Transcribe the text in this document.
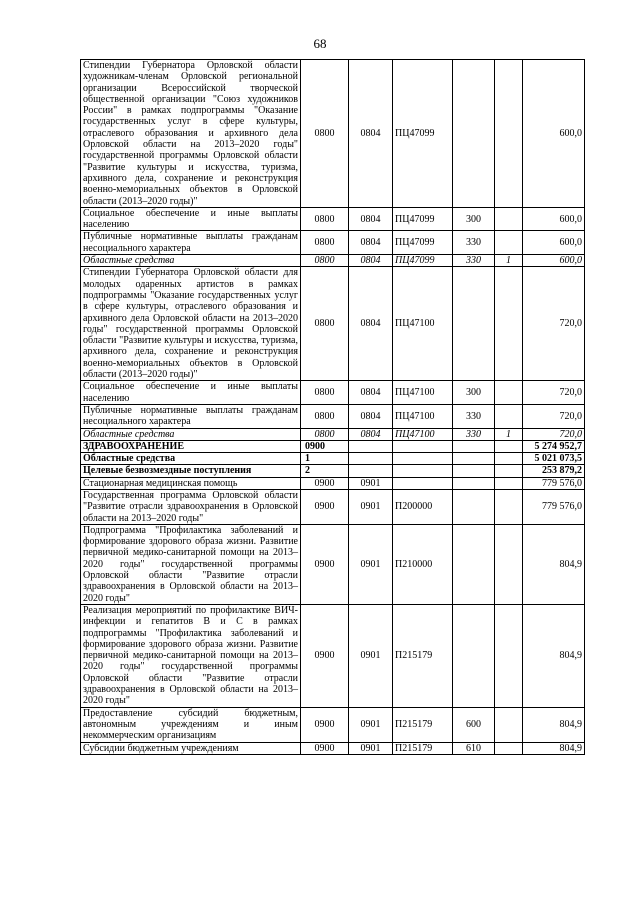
68
Стипендии Губернатора Орловской области художникам-членам Орловской региональной организации Всероссийской творческой общественной организации "Союз художников России" в рамках подпрограммы "Оказание государственных услуг в сфере культуры, отраслевого образования и архивного дела Орловской области на 2013–2020 годы" государственной программы Орловской области "Развитие культуры и искусства, туризма, архивного дела, сохранение и реконструкция военно-мемориальных объектов в Орловской области (2013–2020 годы)"	0800	0804	ПЦ47099			600,0
Социальное обеспечение и иные выплаты населению	0800	0804	ПЦ47099	300		600,0
Публичные нормативные выплаты гражданам несоциального характера	0800	0804	ПЦ47099	330		600,0
Областные средства	0800	0804	ПЦ47099	330	1	600,0
Стипендии Губернатора Орловской области для молодых одаренных артистов в рамках подпрограммы "Оказание государственных услуг в сфере культуры, отраслевого образования и архивного дела Орловской области на 2013–2020 годы" государственной программы Орловской области "Развитие культуры и искусства, туризма, архивного дела, сохранение и реконструкция военно-мемориальных объектов в Орловской области (2013–2020 годы)"	0800	0804	ПЦ47100			720,0
Социальное обеспечение и иные выплаты населению	0800	0804	ПЦ47100	300		720,0
Публичные нормативные выплаты гражданам несоциального характера	0800	0804	ПЦ47100	330		720,0
Областные средства	0800	0804	ПЦ47100	330	1	720,0
ЗДРАВООХРАНЕНИЕ	0900					5 274 952,7
Областные средства	1					5 021 073,5
Целевые безвозмездные поступления	2					253 879,2
Стационарная медицинская помощь	0900	0901				779 576,0
Государственная программа Орловской области "Развитие отрасли здравоохранения в Орловской области на 2013–2020 годы"	0900	0901	П200000			779 576,0
Подпрограмма "Профилактика заболеваний и формирование здорового образа жизни. Развитие первичной медико-санитарной помощи на 2013–2020 годы" государственной программы Орловской области "Развитие отрасли здравоохранения в Орловской области на 2013–2020 годы"	0900	0901	П210000			804,9
Реализация мероприятий по профилактике ВИЧ-инфекции и гепатитов В и С в рамках подпрограммы "Профилактика заболеваний и формирование здорового образа жизни. Развитие первичной медико-санитарной помощи на 2013–2020 годы" государственной программы Орловской области "Развитие отрасли здравоохранения в Орловской области на 2013–2020 годы"	0900	0901	П215179			804,9
Предоставление субсидий бюджетным, автономным учреждениям и иным некоммерческим организациям	0900	0901	П215179	600		804,9
Субсидии бюджетным учреждениям	0900	0901	П215179	610		804,9
